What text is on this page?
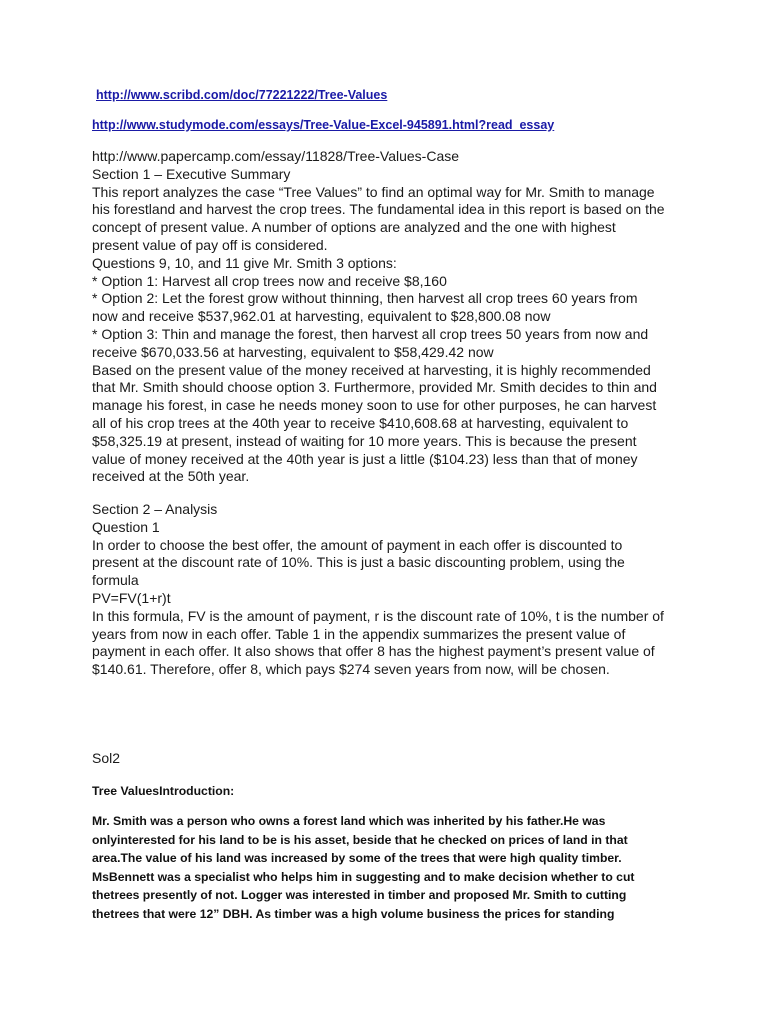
http://www.scribd.com/doc/77221222/Tree-Values
http://www.studymode.com/essays/Tree-Value-Excel-945891.html?read_essay

http://www.papercamp.com/essay/11828/Tree-Values-Case

Section 1 – Executive Summary

This report analyzes the case “Tree Values” to find an optimal way for Mr. Smith to manage

his forestland and harvest the crop trees. The fundamental idea in this report is based on the

concept of present value. A number of options are analyzed and the one with highest

present value of pay off is considered.

Questions 9, 10, and 11 give Mr. Smith 3 options:

* Option 1: Harvest all crop trees now and receive $8,160

* Option 2: Let the forest grow without thinning, then harvest all crop trees 60 years from

now and receive $537,962.01 at harvesting, equivalent to $28,800.08 now

* Option 3: Thin and manage the forest, then harvest all crop trees 50 years from now and

receive $670,033.56 at harvesting, equivalent to $58,429.42 now

Based on the present value of the money received at harvesting, it is highly recommended

that Mr. Smith should choose option 3. Furthermore, provided Mr. Smith decides to thin and

manage his forest, in case he needs money soon to use for other purposes, he can harvest

all of his crop trees at the 40th year to receive $410,608.68 at harvesting, equivalent to

$58,325.19 at present, instead of waiting for 10 more years. This is because the present

value of money received at the 40th year is just a little ($104.23) less than that of money

received at the 50th year.

Section 2 – Analysis

Question 1

In order to choose the best offer, the amount of payment in each offer is discounted to

present at the discount rate of 10%. This is just a basic discounting problem, using the

formula

PV=FV(1+r)t

In this formula, FV is the amount of payment, r is the discount rate of 10%, t is the number of

years from now in each offer. Table 1 in the appendix summarizes the present value of

payment in each offer. It also shows that offer 8 has the highest payment’s present value of

$140.61. Therefore, offer 8, which pays $274 seven years from now, will be chosen.

Sol2

Tree ValuesIntroduction:

Mr. Smith was a person who owns a forest land which was inherited by his father.He was

onlyinterested for his land to be is his asset, beside that he checked on prices of land in that

area.The value of his land was increased by some of the trees that were high quality timber.

MsBennett was a specialist who helps him in suggesting and to make decision whether to cut

thetrees presently of not. Logger was interested in timber and proposed Mr. Smith to cutting

thetrees that were 12” DBH. As timber was a high volume business the prices for standing
